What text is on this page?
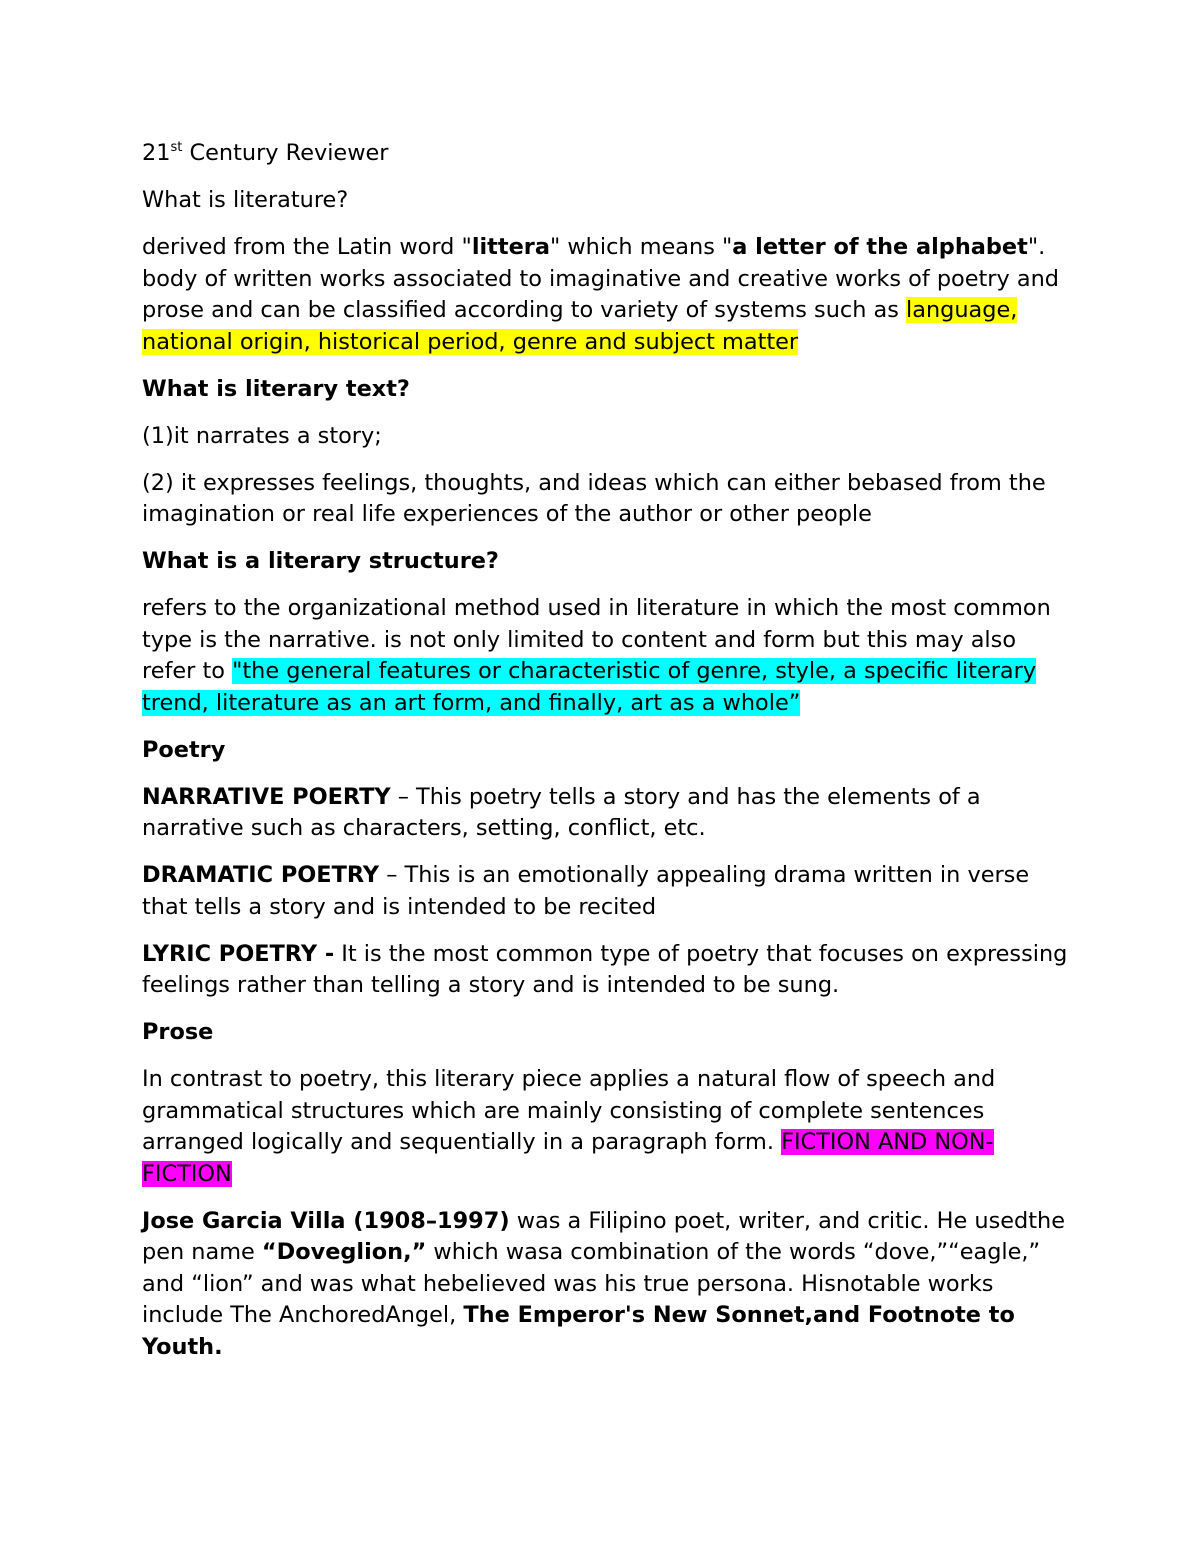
21st Century Reviewer

What is literature?

derived from the Latin word "littera" which means "a letter of the alphabet". body of written works associated to imaginative and creative works of poetry and prose and can be classified according to variety of systems such as language, national origin, historical period, genre and subject matter

What is literary text?

(1)it narrates a story;

(2) it expresses feelings, thoughts, and ideas which can either bebased from the imagination or real life experiences of the author or other people

What is a literary structure?

refers to the organizational method used in literature in which the most common type is the narrative. is not only limited to content and form but this may also refer to "the general features or characteristic of genre, style, a specific literary trend, literature as an art form, and finally, art as a whole”

Poetry

NARRATIVE POERTY – This poetry tells a story and has the elements of a narrative such as characters, setting, conflict, etc.

DRAMATIC POETRY – This is an emotionally appealing drama written in verse that tells a story and is intended to be recited

LYRIC POETRY - It is the most common type of poetry that focuses on expressing feelings rather than telling a story and is intended to be sung.

Prose

In contrast to poetry, this literary piece applies a natural flow of speech and grammatical structures which are mainly consisting of complete sentences arranged logically and sequentially in a paragraph form. FICTION AND NON-FICTION

Jose Garcia Villa (1908–1997) was a Filipino poet, writer, and critic. He usedthe pen name “Doveglion,” which wasa combination of the words “dove,”“eagle,” and “lion” and was what hebelieved was his true persona. Hisnotable works include The AnchoredAngel, The Emperor's New Sonnet,and Footnote to Youth.
